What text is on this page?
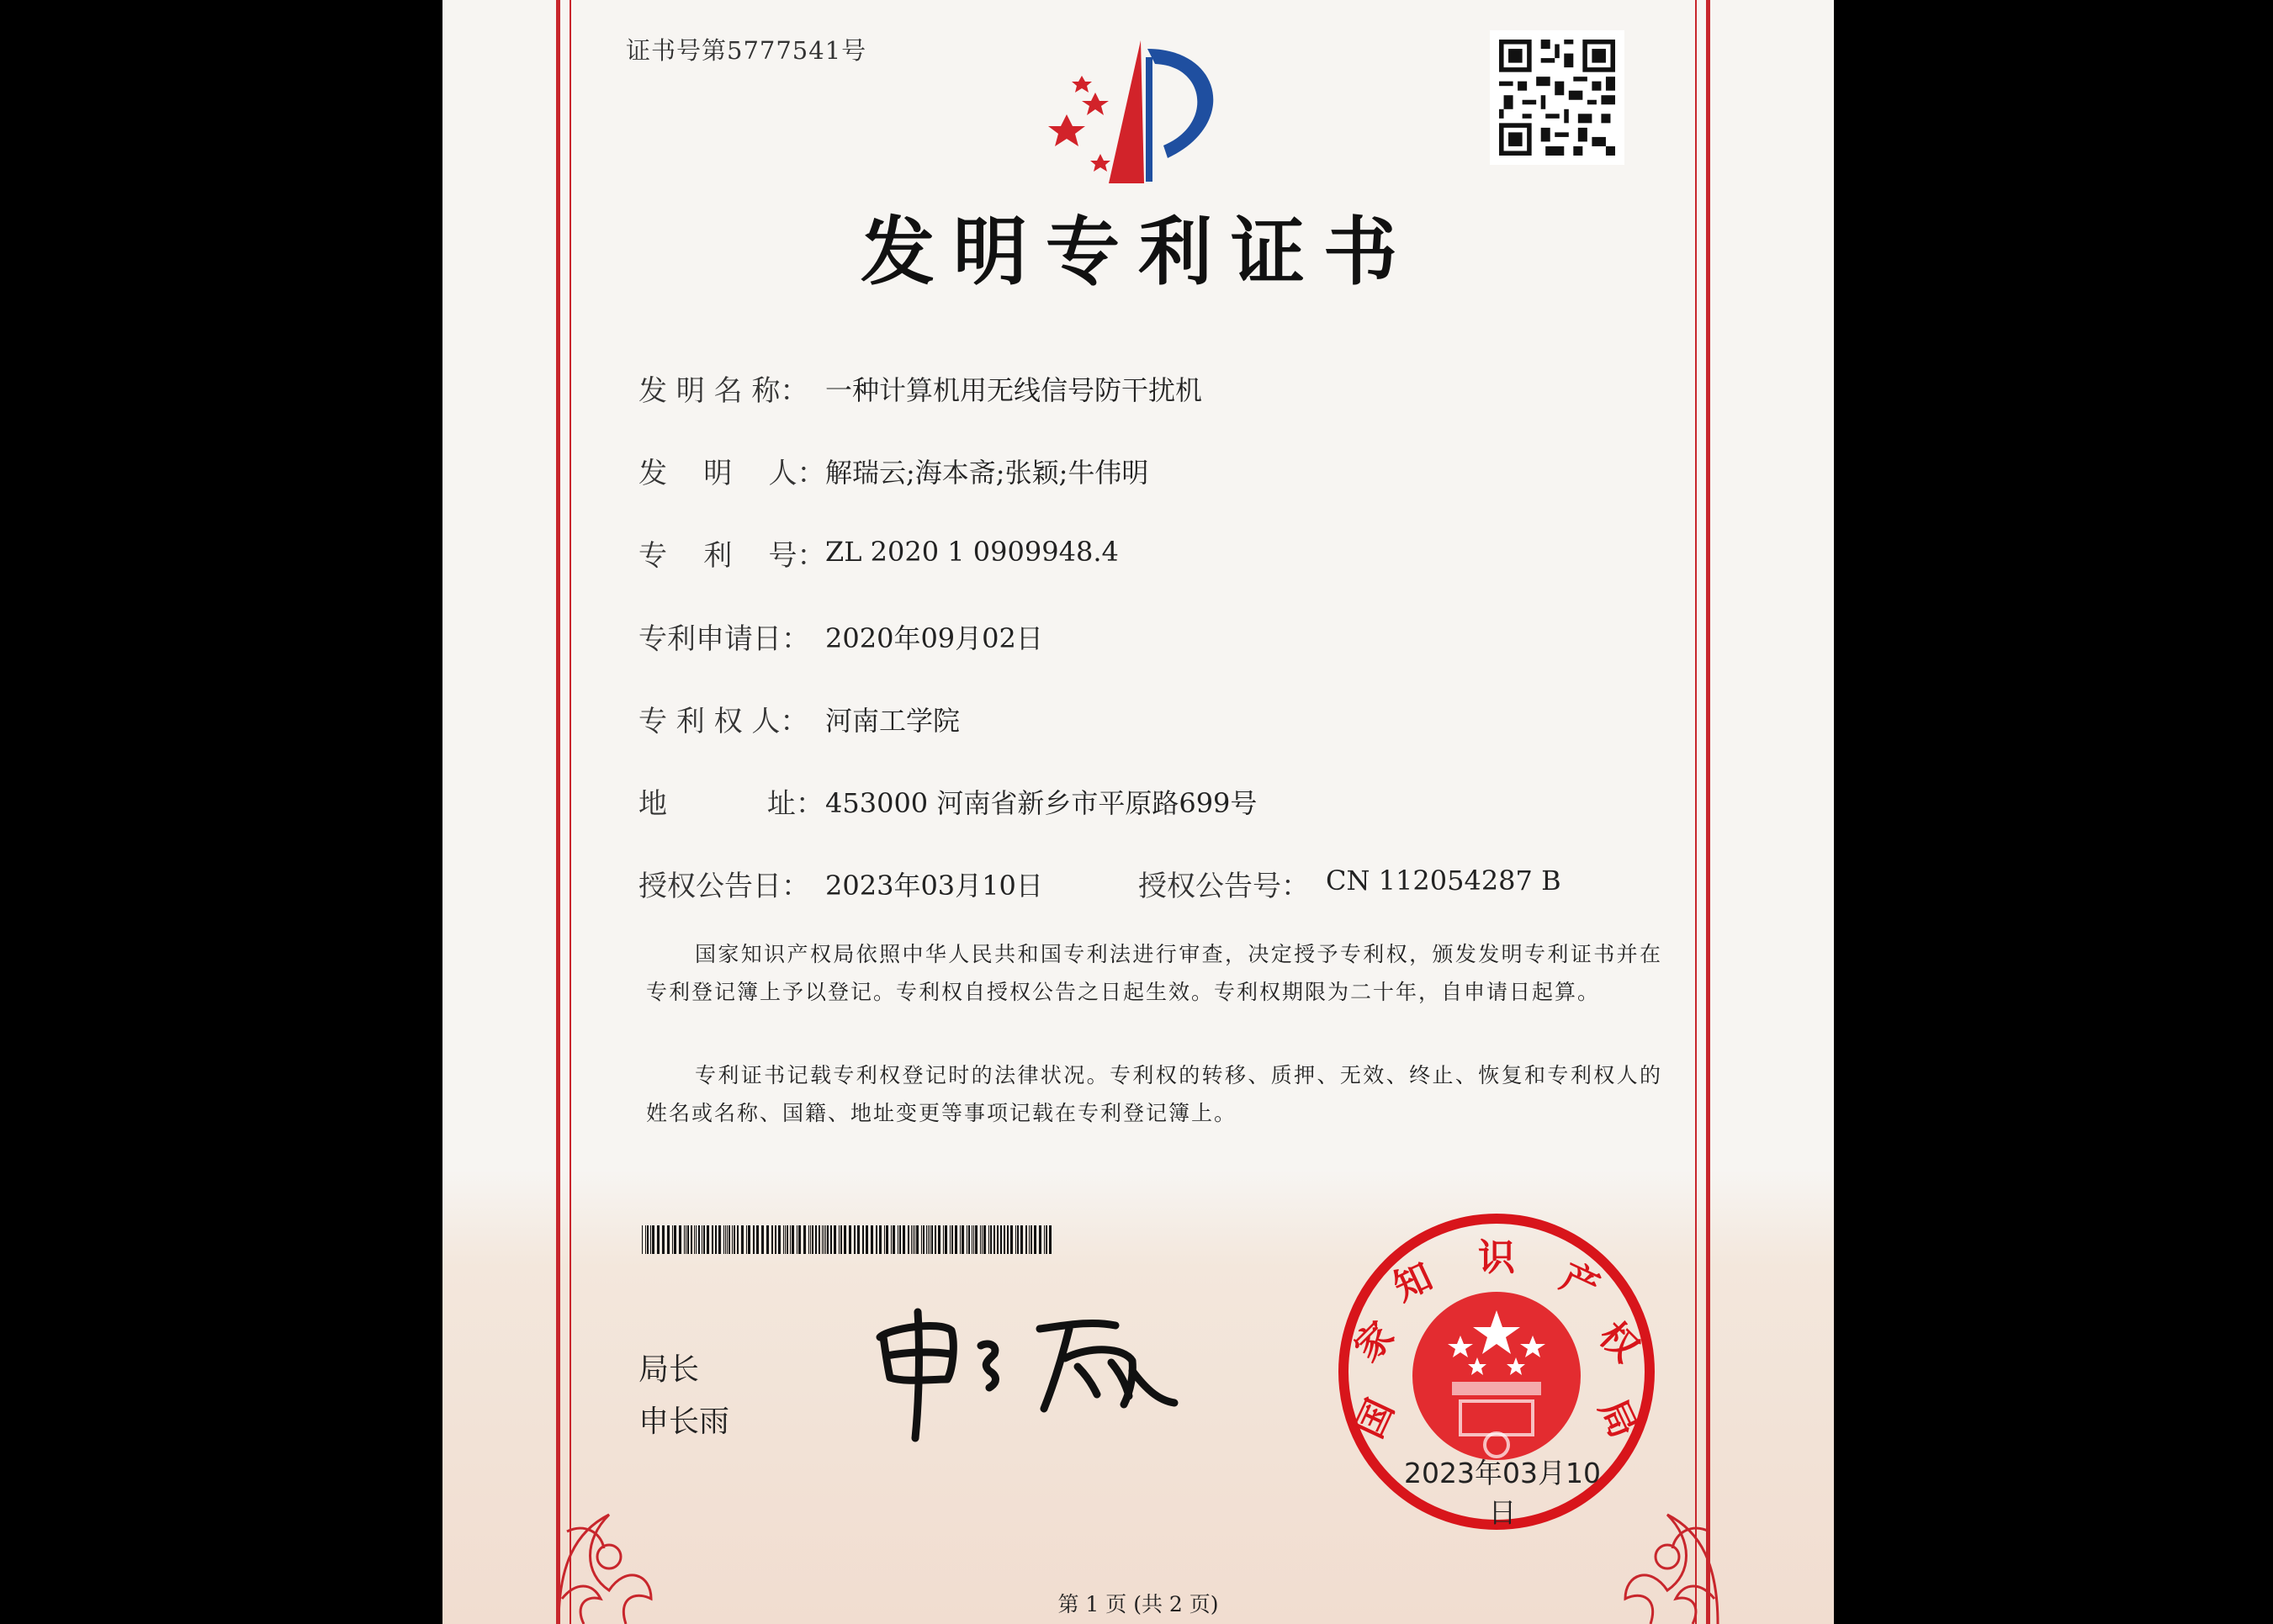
证书号第5777541号
发明专利证书
发 明 名 称： 一种计算机用无线信号防干扰机
发    明    人： 解瑞云;海本斋;张颖;牛伟明
专    利    号： ZL 2020 1 0909948.4
专利申请日： 2020年09月02日
专 利 权 人： 河南工学院
地           址： 453000 河南省新乡市平原路699号
授权公告日： 2023年03月10日	授权公告号： CN 112054287 B
国家知识产权局依照中华人民共和国专利法进行审查，决定授予专利权，颁发发明专利证书并在专利登记簿上予以登记。专利权自授权公告之日起生效。专利权期限为二十年，自申请日起算。
专利证书记载专利权登记时的法律状况。专利权的转移、质押、无效、终止、恢复和专利权人的姓名或名称、国籍、地址变更等事项记载在专利登记簿上。
局长
申长雨	国
家
知 识 产
权
局
2023年03月10日
第 1 页 (共 2 页)
